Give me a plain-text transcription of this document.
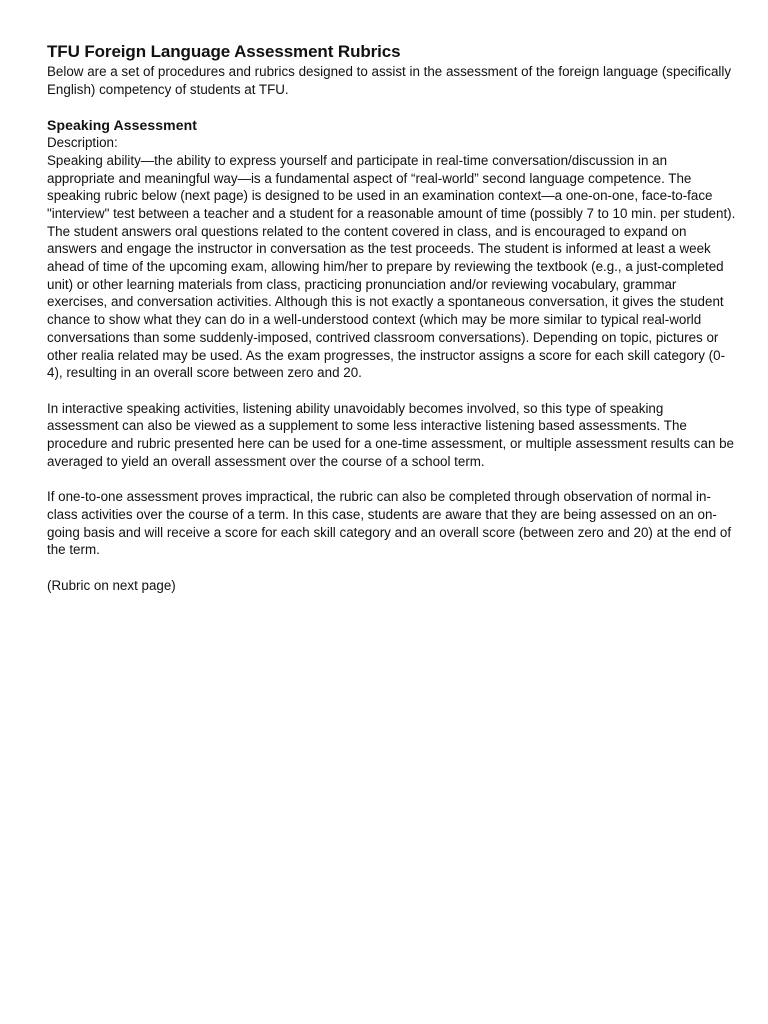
TFU Foreign Language Assessment Rubrics

Below are a set of procedures and rubrics designed to assist in the assessment of the foreign language (specifically English) competency of students at TFU.

Speaking Assessment

Description:

Speaking ability—the ability to express yourself and participate in real-time conversation/discussion in an appropriate and meaningful way—is a fundamental aspect of “real-world” second language competence. The speaking rubric below (next page) is designed to be used in an examination context—a one-on-one, face-to-face "interview" test between a teacher and a student for a reasonable amount of time (possibly 7 to 10 min. per student). The student answers oral questions related to the content covered in class, and is encouraged to expand on answers and engage the instructor in conversation as the test proceeds. The student is informed at least a week ahead of time of the upcoming exam, allowing him/her to prepare by reviewing the textbook (e.g., a just-completed unit) or other learning materials from class, practicing pronunciation and/or reviewing vocabulary, grammar exercises, and conversation activities. Although this is not exactly a spontaneous conversation, it gives the student chance to show what they can do in a well-understood context (which may be more similar to typical real-world conversations than some suddenly-imposed, contrived classroom conversations). Depending on topic, pictures or other realia related may be used. As the exam progresses, the instructor assigns a score for each skill category (0-4), resulting in an overall score between zero and 20.

In interactive speaking activities, listening ability unavoidably becomes involved, so this type of speaking assessment can also be viewed as a supplement to some less interactive listening based assessments. The procedure and rubric presented here can be used for a one-time assessment, or multiple assessment results can be averaged to yield an overall assessment over the course of a school term.

If one-to-one assessment proves impractical, the rubric can also be completed through observation of normal in-class activities over the course of a term. In this case, students are aware that they are being assessed on an on-going basis and will receive a score for each skill category and an overall score (between zero and 20) at the end of the term.

(Rubric on next page)
